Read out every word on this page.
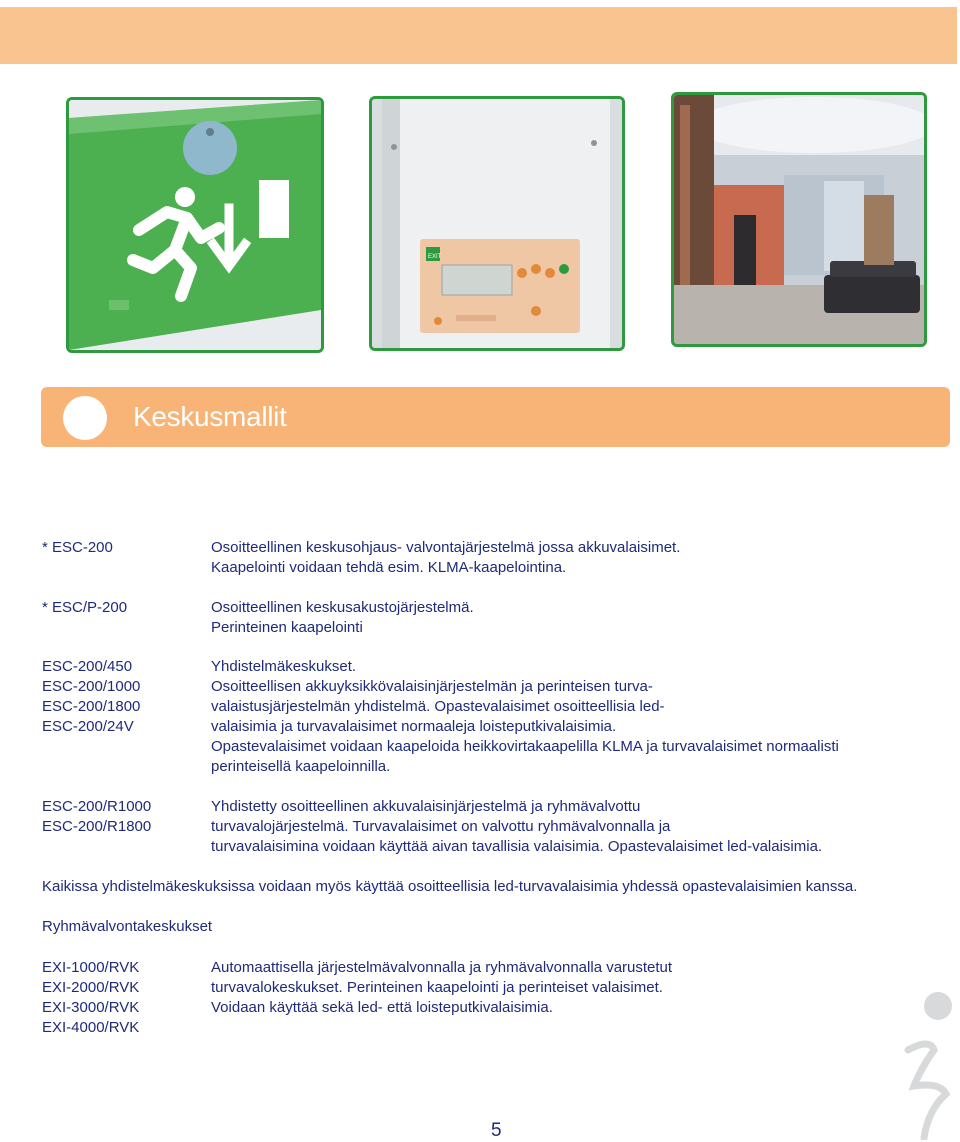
EXIT
Keskusmallit
* ESC-200	Osoitteellinen keskusohjaus- valvontajärjestelmä jossa akkuvalaisimet.
Kaapelointi voidaan tehdä esim. KLMA-kaapelointina.
* ESC/P-200	Osoitteellinen keskusakustojärjestelmä.
Perinteinen kaapelointi
ESC-200/450
ESC-200/1000
ESC-200/1800
ESC-200/24V
Yhdistelmäkeskukset.
Osoitteellisen akkuyksikkövalaisinjärjestelmän ja perinteisen turva-
valaistusjärjestelmän yhdistelmä. Opastevalaisimet osoitteellisia led-
valaisimia ja turvavalaisimet normaaleja loisteputkivalaisimia.
Opastevalaisimet voidaan kaapeloida heikkovirtakaapelilla KLMA ja turvavalaisimet normaalisti
perinteisellä kaapeloinnilla.
ESC-200/R1000
ESC-200/R1800
Yhdistetty osoitteellinen akkuvalaisinjärjestelmä ja ryhmävalvottu
turvavalojärjestelmä. Turvavalaisimet on valvottu ryhmävalvonnalla ja
turvavalaisimina voidaan käyttää aivan tavallisia valaisimia. Opastevalaisimet led-valaisimia.
Kaikissa yhdistelmäkeskuksissa voidaan myös käyttää osoitteellisia led-turvavalaisimia yhdessä opastevalaisimien kanssa.
Ryhmävalvontakeskukset
EXI-1000/RVK
EXI-2000/RVK
EXI-3000/RVK
EXI-4000/RVK
Automaattisella järjestelmävalvonnalla ja ryhmävalvonnalla varustetut
turvavalokeskukset. Perinteinen kaapelointi ja perinteiset valaisimet.
Voidaan käyttää sekä led- että loisteputkivalaisimia.
5
